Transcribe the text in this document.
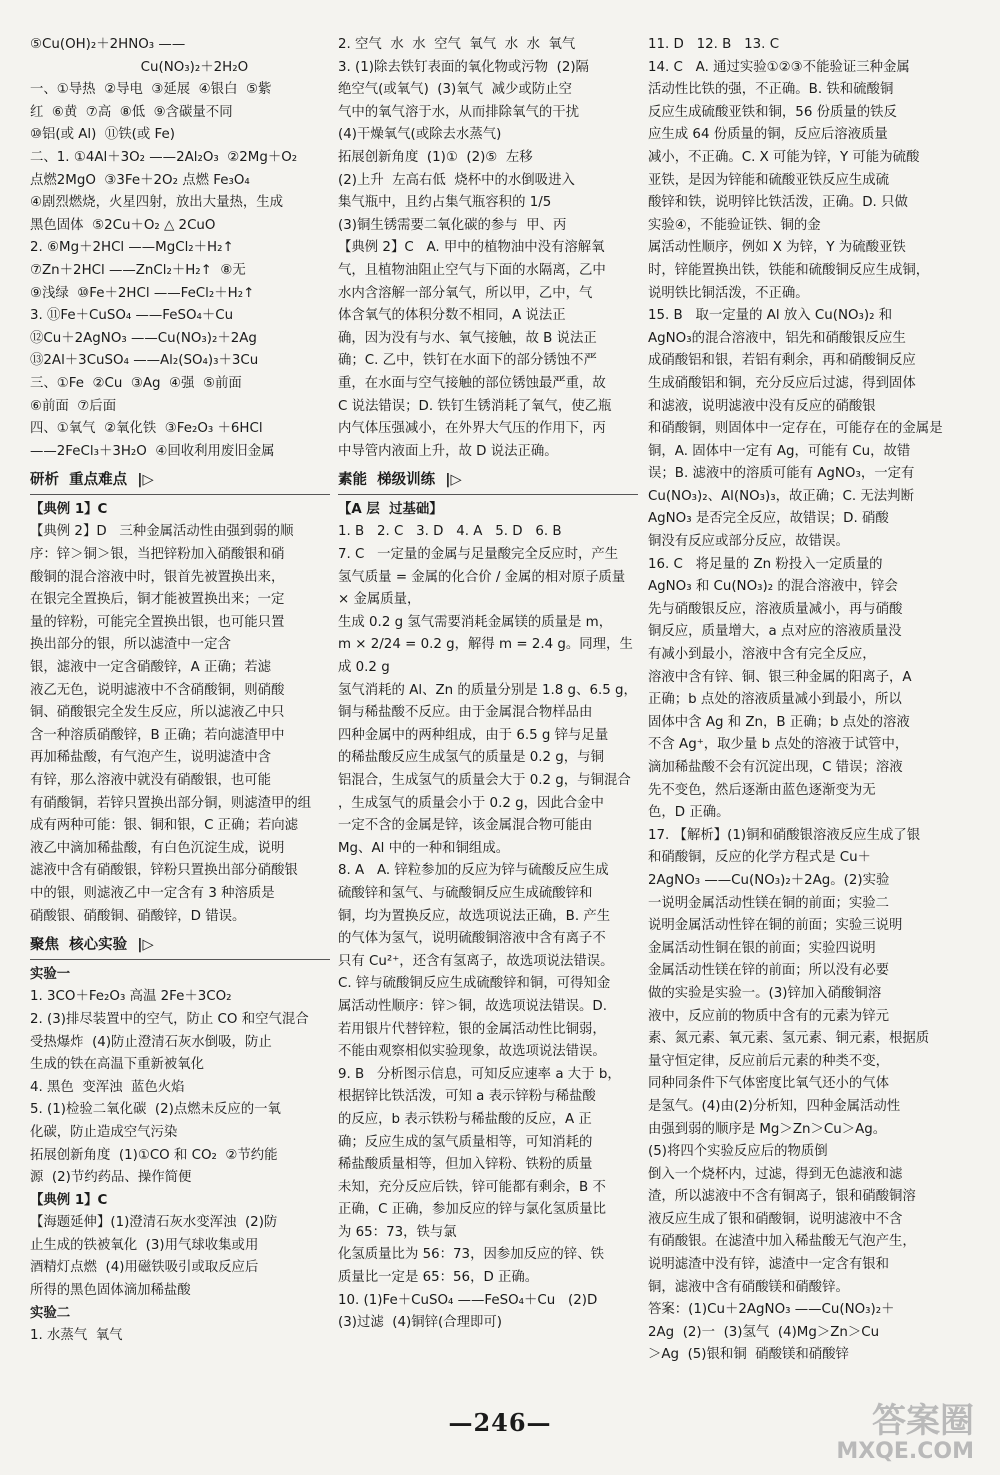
⑤Cu(OH)₂＋2HNO₃ ——
Cu(NO₃)₂＋2H₂O
一、①导热  ②导电  ③延展  ④银白  ⑤紫
红  ⑥黄  ⑦高  ⑧低  ⑨含碳量不同
⑩铝(或 Al)  ⑪铁(或 Fe)
二、1. ①4Al＋3O₂ ——2Al₂O₃  ②2Mg＋O₂
点燃2MgO  ③3Fe＋2O₂ 点燃 Fe₃O₄
④剧烈燃烧，火星四射，放出大量热，生成
黑色固体  ⑤2Cu＋O₂ △ 2CuO
2. ⑥Mg＋2HCl ——MgCl₂＋H₂↑
⑦Zn＋2HCl ——ZnCl₂＋H₂↑  ⑧无
⑨浅绿  ⑩Fe＋2HCl ——FeCl₂＋H₂↑
3. ⑪Fe＋CuSO₄ ——FeSO₄＋Cu
⑫Cu＋2AgNO₃ ——Cu(NO₃)₂＋2Ag
⑬2Al＋3CuSO₄ ——Al₂(SO₄)₃＋3Cu
三、①Fe  ②Cu  ③Ag  ④强  ⑤前面
⑥前面  ⑦后面
四、①氧气  ②氧化铁  ③Fe₂O₃ ＋6HCl
——2FeCl₃＋3H₂O  ④回收利用废旧金属
研析  重点难点  |▷
【典例 1】C
【典例 2】D   三种金属活动性由强到弱的顺
序：锌＞铜＞银，当把锌粉加入硝酸银和硝
酸铜的混合溶液中时，银首先被置换出来，
在银完全置换后，铜才能被置换出来；一定
量的锌粉，可能完全置换出银，也可能只置
换出部分的银，所以滤渣中一定含
银，滤液中一定含硝酸锌，A 正确；若滤
液乙无色，说明滤液中不含硝酸铜，则硝酸
铜、硝酸银完全发生反应，所以滤液乙中只
含一种溶质硝酸锌，B 正确；若向滤渣甲中
再加稀盐酸，有气泡产生，说明滤渣中含
有锌，那么溶液中就没有硝酸银，也可能
有硝酸铜，若锌只置换出部分铜，则滤渣甲的组
成有两种可能：银、铜和银，C 正确；若向滤
液乙中滴加稀盐酸，有白色沉淀生成，说明
滤液中含有硝酸银，锌粉只置换出部分硝酸银
中的银，则滤液乙中一定含有 3 种溶质是
硝酸银、硝酸铜、硝酸锌，D 错误。
聚焦  核心实验  |▷
实验一
1. 3CO＋Fe₂O₃ 高温 2Fe＋3CO₂
2. (3)排尽装置中的空气，防止 CO 和空气混合
受热爆炸  (4)防止澄清石灰水倒吸，防止
生成的铁在高温下重新被氧化
4. 黑色  变浑浊  蓝色火焰
5. (1)检验二氧化碳  (2)点燃未反应的一氧
化碳，防止造成空气污染
拓展创新角度  (1)①CO 和 CO₂  ②节约能
源  (2)节约药品、操作简便
【典例 1】C
【海题延伸】(1)澄清石灰水变浑浊  (2)防
止生成的铁被氧化  (3)用气球收集或用
酒精灯点燃  (4)用磁铁吸引或取反应后
所得的黑色固体滴加稀盐酸
实验二
1. 水蒸气  氧气
2. 空气  水  水  空气  氧气  水  水  氧气
3. (1)除去铁钉表面的氧化物或污物  (2)隔
绝空气(或氧气)  (3)氧气  减少或防止空
气中的氧气溶于水，从而排除氧气的干扰
(4)干燥氧气(或除去水蒸气)
拓展创新角度  (1)①  (2)⑤  左移
(2)上升  左高右低  烧杯中的水倒吸进入
集气瓶中，且约占集气瓶容积的 1/5
(3)铜生锈需要二氧化碳的参与  甲、丙
【典例 2】C   A. 甲中的植物油中没有溶解氧
气，且植物油阻止空气与下面的水隔离，乙中
水内含溶解一部分氧气，所以甲，乙中，气
体含氧气的体积分数不相同，A 说法正
确，因为没有与水、氧气接触，故 B 说法正
确；C. 乙中，铁钉在水面下的部分锈蚀不严
重，在水面与空气接触的部位锈蚀最严重，故
C 说法错误；D. 铁钉生锈消耗了氧气，使乙瓶
内气体压强减小，在外界大气压的作用下，丙
中导管内液面上升，故 D 说法正确。
素能  梯级训练  |▷
【A 层  过基础】
1. B   2. C   3. D   4. A   5. D   6. B
7. C   一定量的金属与足量酸完全反应时，产生
氢气质量 = 金属的化合价 / 金属的相对原子质量 × 金属质量，
生成 0.2 g 氢气需要消耗金属镁的质量是 m，
m × 2/24 = 0.2 g，解得 m = 2.4 g。同理，生成 0.2 g
氢气消耗的 Al、Zn 的质量分别是 1.8 g、6.5 g，
铜与稀盐酸不反应。由于金属混合物样品由
四种金属中的两种组成，由于 6.5 g 锌与足量
的稀盐酸反应生成氢气的质量是 0.2 g，与铜
铝混合，生成氢气的质量会大于 0.2 g，与铜混合
，生成氢气的质量会小于 0.2 g，因此合金中
一定不含的金属是锌，该金属混合物可能由
Mg、Al 中的一种和铜组成。
8. A   A. 锌粒参加的反应为锌与硫酸反应生成
硫酸锌和氢气、与硫酸铜反应生成硫酸锌和
铜，均为置换反应，故选项说法正确，B. 产生
的气体为氢气，说明硫酸铜溶液中含有离子不
只有 Cu²⁺，还含有氢离子，故选项说法错误。
C. 锌与硫酸铜反应生成硫酸锌和铜，可得知金
属活动性顺序：锌＞铜，故选项说法错误。D.
若用银片代替锌粒，银的金属活动性比铜弱，
不能由观察相似实验现象，故选项说法错误。
9. B   分析图示信息，可知反应速率 a 大于 b，
根据锌比铁活泼，可知 a 表示锌粉与稀盐酸
的反应，b 表示铁粉与稀盐酸的反应，A 正
确；反应生成的氢气质量相等，可知消耗的
稀盐酸质量相等，但加入锌粉、铁粉的质量
未知，充分反应后铁，锌可能都有剩余，B 不
正确，C 正确，参加反应的锌与氯化氢质量比
为 65：73，铁与氯
化氢质量比为 56：73，因参加反应的锌、铁
质量比一定是 65：56，D 正确。
10. (1)Fe＋CuSO₄ ——FeSO₄＋Cu   (2)D
(3)过滤  (4)铜锌(合理即可)
11. D   12. B   13. C
14. C   A. 通过实验①②③不能验证三种金属
活动性比铁的强，不正确。B. 铁和硫酸铜
反应生成硫酸亚铁和铜，56 份质量的铁反
应生成 64 份质量的铜，反应后溶液质量
减小，不正确。C. X 可能为锌，Y 可能为硫酸
亚铁，是因为锌能和硫酸亚铁反应生成硫
酸锌和铁，说明锌比铁活泼，正确。D. 只做
实验④，不能验证铁、铜的金
属活动性顺序，例如 X 为锌，Y 为硫酸亚铁
时，锌能置换出铁，铁能和硫酸铜反应生成铜，
说明铁比铜活泼，不正确。
15. B   取一定量的 Al 放入 Cu(NO₃)₂ 和
AgNO₃的混合溶液中，铝先和硝酸银反应生
成硝酸铝和银，若铝有剩余，再和硝酸铜反应
生成硝酸铝和铜，充分反应后过滤，得到固体
和滤液，说明滤液中没有反应的硝酸银
和硝酸铜，则固体中一定存在，可能存在的金属是
铜，A. 固体中一定有 Ag，可能有 Cu，故错
误；B. 滤液中的溶质可能有 AgNO₃，一定有
Cu(NO₃)₂、Al(NO₃)₃，故正确；C. 无法判断
AgNO₃ 是否完全反应，故错误；D. 硝酸
铜没有反应或部分反应，故错误。
16. C   将足量的 Zn 粉投入一定质量的
AgNO₃ 和 Cu(NO₃)₂ 的混合溶液中，锌会
先与硝酸银反应，溶液质量减小，再与硝酸
铜反应，质量增大，a 点对应的溶液质量没
有减小到最小，溶液中含有完全反应，
溶液中含有锌、铜、银三种金属的阳离子，A
正确；b 点处的溶液质量减小到最小，所以
固体中含 Ag 和 Zn，B 正确；b 点处的溶液
不含 Ag⁺，取少量 b 点处的溶液于试管中，
滴加稀盐酸不会有沉淀出现，C 错误；溶液
先不变色，然后逐渐由蓝色逐渐变为无
色，D 正确。
17. 【解析】(1)铜和硝酸银溶液反应生成了银
和硝酸铜，反应的化学方程式是 Cu＋
2AgNO₃ ——Cu(NO₃)₂＋2Ag。(2)实验
一说明金属活动性镁在铜的前面；实验二
说明金属活动性锌在铜的前面；实验三说明
金属活动性铜在银的前面；实验四说明
金属活动性镁在锌的前面；所以没有必要
做的实验是实验一。(3)锌加入硝酸铜溶
液中，反应前的物质中含有的元素为锌元
素、氮元素、氧元素、氢元素、铜元素，根据质
量守恒定律，反应前后元素的种类不变，
同种同条件下气体密度比氧气还小的气体
是氢气。(4)由(2)分析知，四种金属活动性
由强到弱的顺序是 Mg＞Zn＞Cu＞Ag。
(5)将四个实验反应后的物质倒
倒入一个烧杯内，过滤，得到无色滤液和滤
渣，所以滤液中不含有铜离子，银和硝酸铜溶
液反应生成了银和硝酸铜，说明滤液中不含
有硝酸银。在滤渣中加入稀盐酸无气泡产生，
说明滤渣中没有锌，滤渣中一定含有银和
铜，滤液中含有硝酸镁和硝酸锌。
答案：(1)Cu＋2AgNO₃ ——Cu(NO₃)₂＋
2Ag  (2)一  (3)氢气  (4)Mg＞Zn＞Cu
＞Ag  (5)银和铜  硝酸镁和硝酸锌
—246—	答案圈
MXQE.COM
